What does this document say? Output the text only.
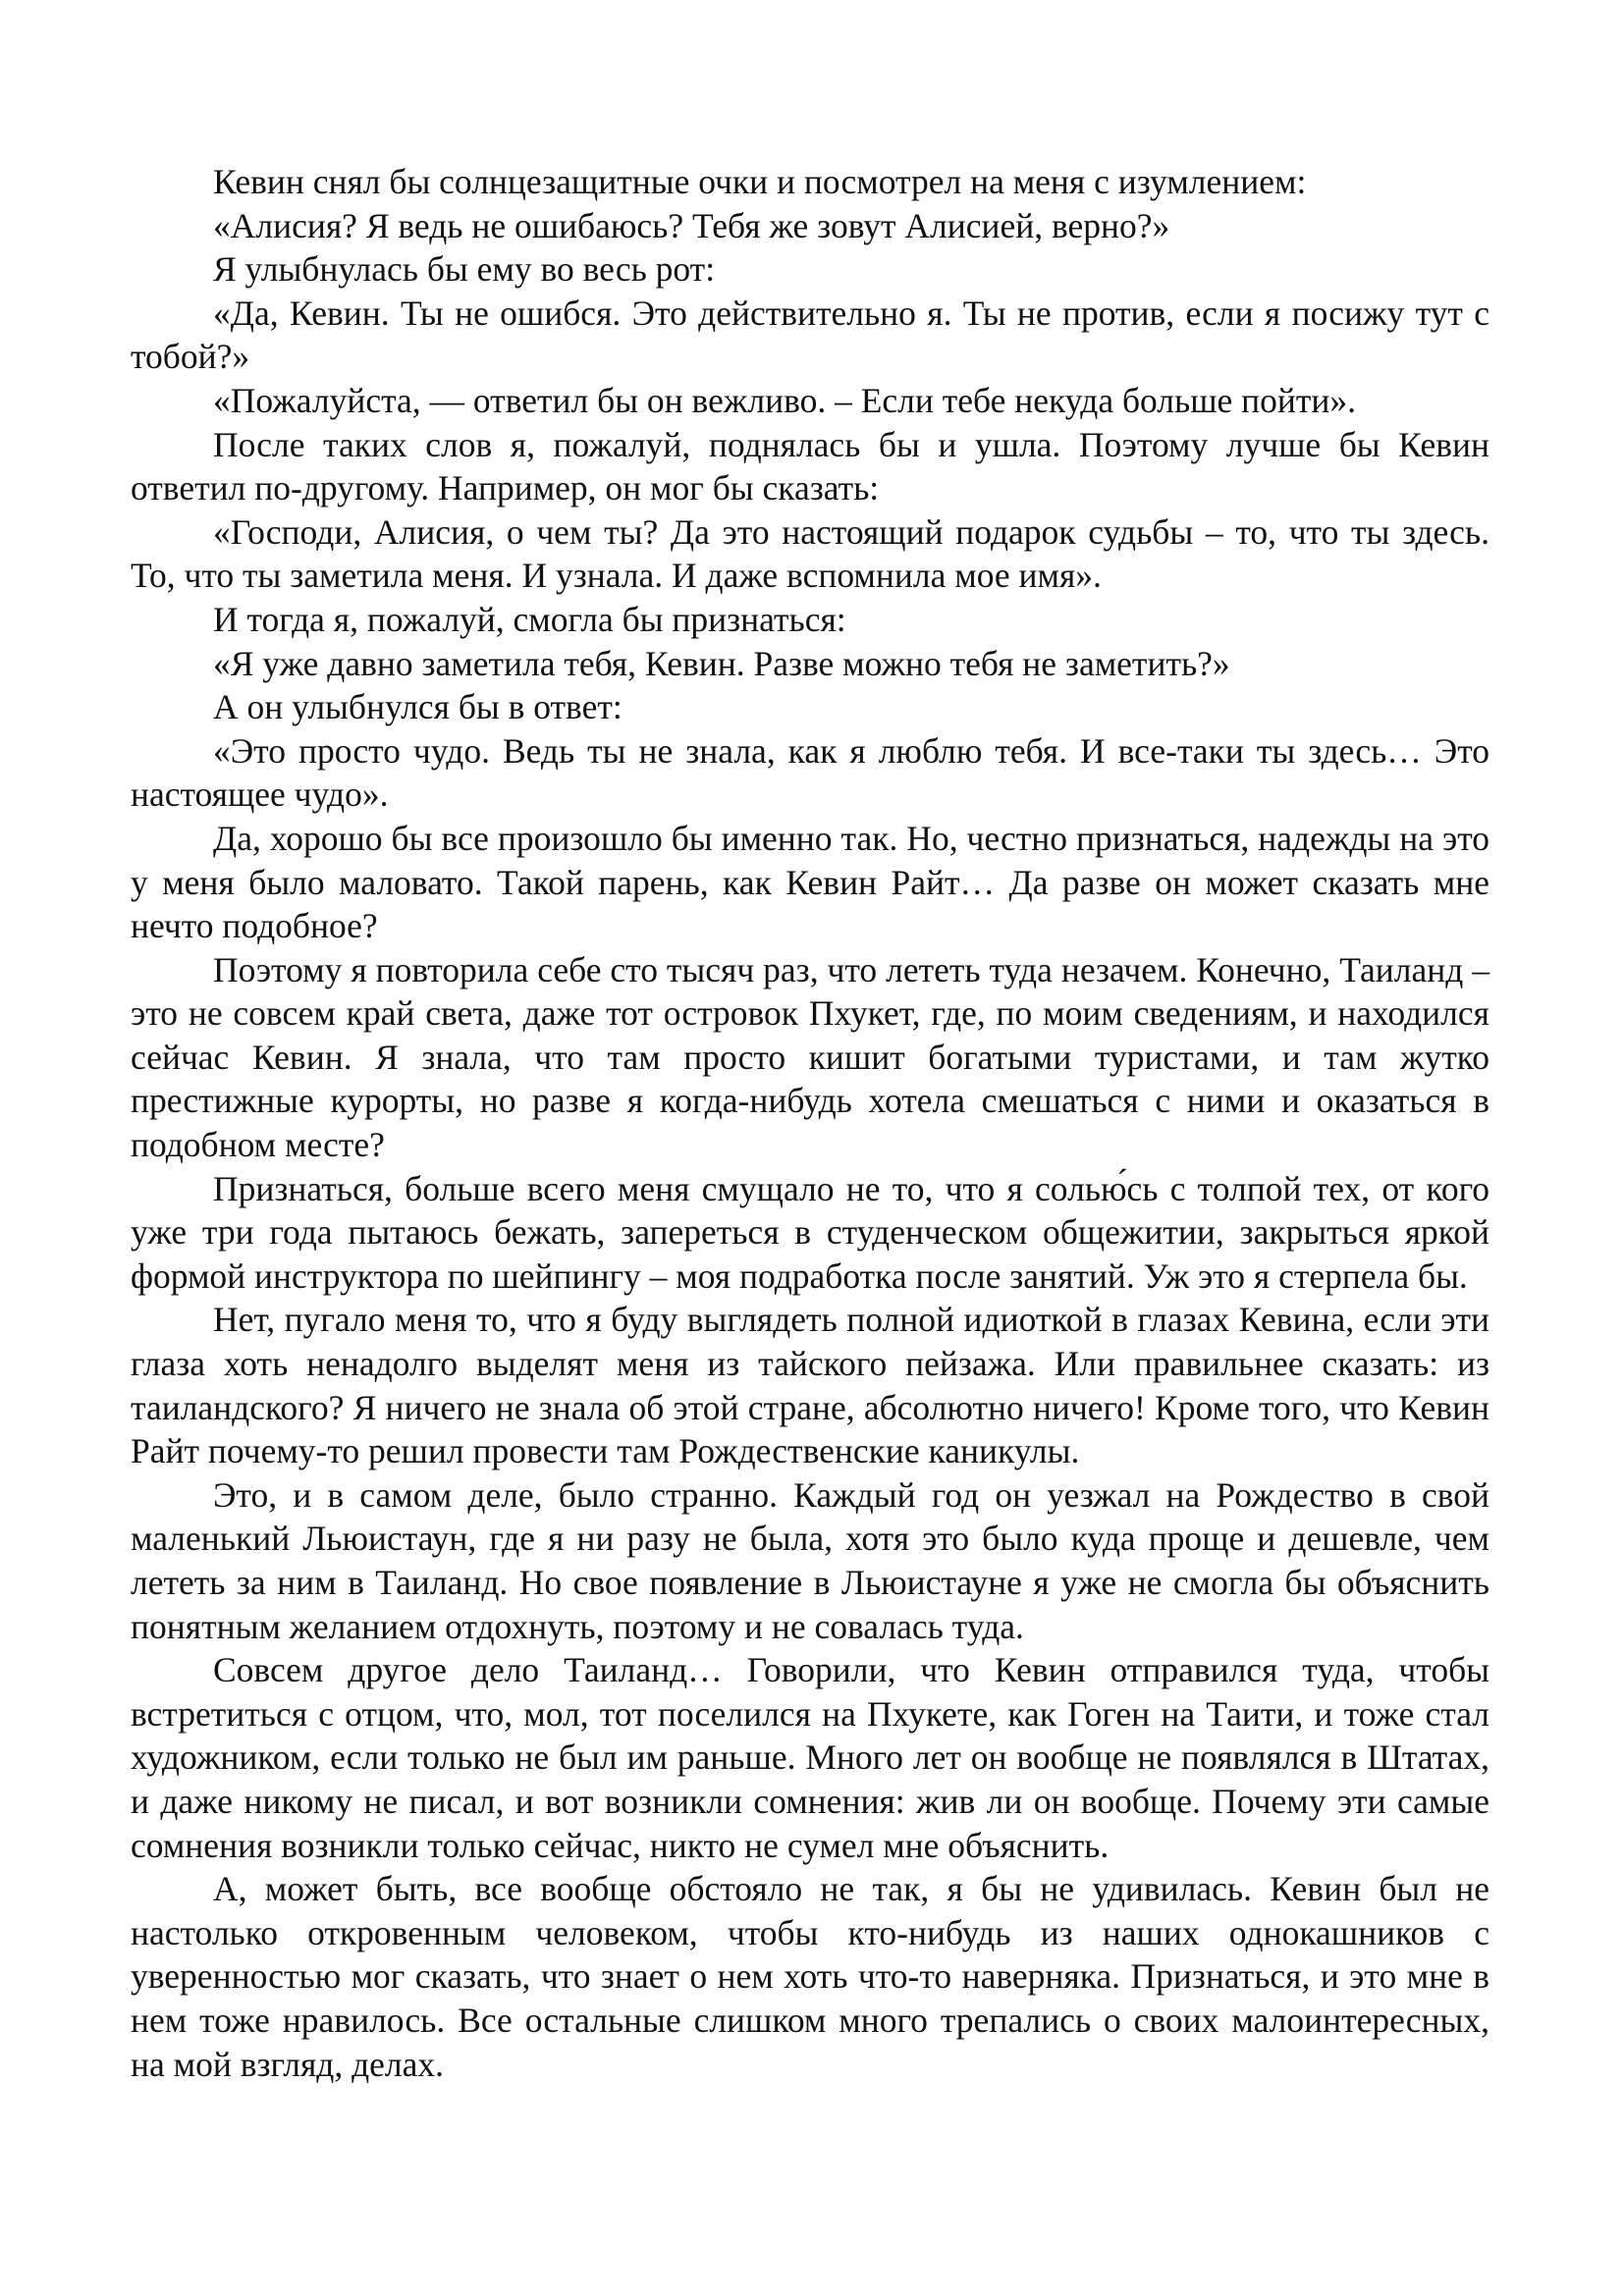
Кевин снял бы солнцезащитные очки и посмотрел на меня с изумлением:

«Алисия? Я ведь не ошибаюсь? Тебя же зовут Алисией, верно?»

Я улыбнулась бы ему во весь рот:

«Да, Кевин. Ты не ошибся. Это действительно я. Ты не против, если я посижу тут с тобой?»

«Пожалуйста, — ответил бы он вежливо. – Если тебе некуда больше пойти».

После таких слов я, пожалуй, поднялась бы и ушла. Поэтому лучше бы Кевин ответил по-другому. Например, он мог бы сказать:

«Господи, Алисия, о чем ты? Да это настоящий подарок судьбы – то, что ты здесь. То, что ты заметила меня. И узнала. И даже вспомнила мое имя».

И тогда я, пожалуй, смогла бы признаться:

«Я уже давно заметила тебя, Кевин. Разве можно тебя не заметить?»

А он улыбнулся бы в ответ:

«Это просто чудо. Ведь ты не знала, как я люблю тебя. И все-таки ты здесь… Это настоящее чудо».

Да, хорошо бы все произошло бы именно так. Но, честно признаться, надежды на это у меня было маловато. Такой парень, как Кевин Райт… Да разве он может сказать мне нечто подобное?

Поэтому я повторила себе сто тысяч раз, что лететь туда незачем. Конечно, Таиланд – это не совсем край света, даже тот островок Пхукет, где, по моим сведениям, и находился сейчас Кевин. Я знала, что там просто кишит богатыми туристами, и там жутко престижные курорты, но разве я когда-нибудь хотела смешаться с ними и оказаться в подобном месте?

Признаться, больше всего меня смущало не то, что я солью́сь с толпой тех, от кого уже три года пытаюсь бежать, запереться в студенческом общежитии, закрыться яркой формой инструктора по шейпингу – моя подработка после занятий. Уж это я стерпела бы.

Нет, пугало меня то, что я буду выглядеть полной идиоткой в глазах Кевина, если эти глаза хоть ненадолго выделят меня из тайского пейзажа. Или правильнее сказать: из таиландского? Я ничего не знала об этой стране, абсолютно ничего! Кроме того, что Кевин Райт почему-то решил провести там Рождественские каникулы.

Это, и в самом деле, было странно. Каждый год он уезжал на Рождество в свой маленький Льюистаун, где я ни разу не была, хотя это было куда проще и дешевле, чем лететь за ним в Таиланд. Но свое появление в Льюистауне я уже не смогла бы объяснить понятным желанием отдохнуть, поэтому и не совалась туда.

Совсем другое дело Таиланд… Говорили, что Кевин отправился туда, чтобы встретиться с отцом, что, мол, тот поселился на Пхукете, как Гоген на Таити, и тоже стал художником, если только не был им раньше. Много лет он вообще не появлялся в Штатах, и даже никому не писал, и вот возникли сомнения: жив ли он вообще. Почему эти самые сомнения возникли только сейчас, никто не сумел мне объяснить.

А, может быть, все вообще обстояло не так, я бы не удивилась. Кевин был не настолько откровенным человеком, чтобы кто-нибудь из наших однокашников с уверенностью мог сказать, что знает о нем хоть что-то наверняка. Признаться, и это мне в нем тоже нравилось. Все остальные слишком много трепались о своих малоинтересных, на мой взгляд, делах.
